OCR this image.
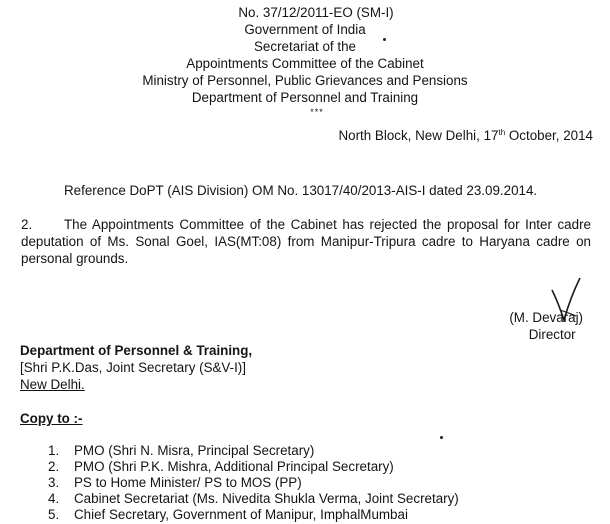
No. 37/12/2011-EO (SM-I)
Government of India
Secretariat of the
Appointments Committee of the Cabinet
Ministry of Personnel, Public Grievances and Pensions
Department of Personnel and Training
***
North Block, New Delhi, 17th October, 2014
Reference DoPT (AIS Division) OM No. 13017/40/2013-AIS-I dated 23.09.2014.
2. The Appointments Committee of the Cabinet has rejected the proposal for Inter cadre deputation of Ms. Sonal Goel, IAS(MT:08) from Manipur-Tripura cadre to Haryana cadre on personal grounds.
(M. Devaraj)
Director
Department of Personnel & Training,
[Shri P.K.Das, Joint Secretary (S&V-I)]
New Delhi.
Copy to :-
1. PMO (Shri N. Misra, Principal Secretary)
2. PMO (Shri P.K. Mishra, Additional Principal Secretary)
3. PS to Home Minister/ PS to MOS (PP)
4. Cabinet Secretariat (Ms. Nivedita Shukla Verma, Joint Secretary)
5. Chief Secretary, Government of Manipur, ImphalMumbai
